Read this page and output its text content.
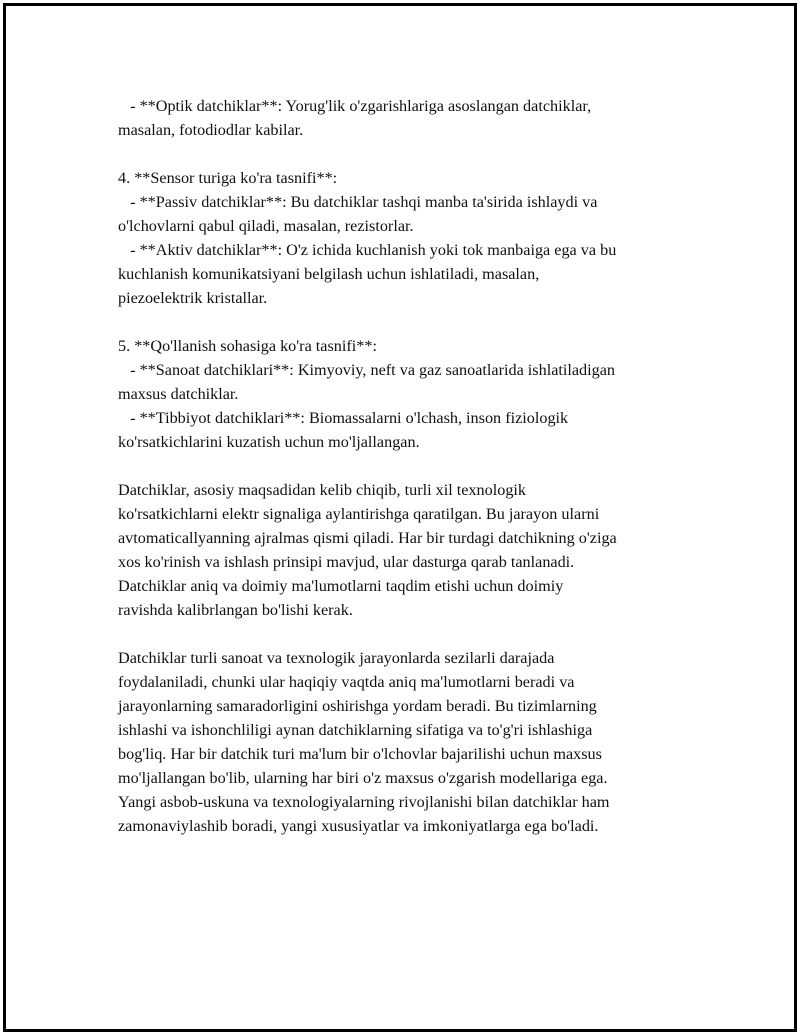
- **Optik datchiklar**: Yorug'lik o'zgarishlariga asoslangan datchiklar,
masalan, fotodiodlar kabilar.
4. **Sensor turiga ko'ra tasnifi**:
- **Passiv datchiklar**: Bu datchiklar tashqi manba ta'sirida ishlaydi va
o'lchovlarni qabul qiladi, masalan, rezistorlar.
- **Aktiv datchiklar**: O'z ichida kuchlanish yoki tok manbaiga ega va bu
kuchlanish komunikatsiyani belgilash uchun ishlatiladi, masalan,
piezoelektrik kristallar.
5. **Qo'llanish sohasiga ko'ra tasnifi**:
- **Sanoat datchiklari**: Kimyoviy, neft va gaz sanoatlarida ishlatiladigan
maxsus datchiklar.
- **Tibbiyot datchiklari**: Biomassalarni o'lchash, inson fiziologik
ko'rsatkichlarini kuzatish uchun mo'ljallangan.
Datchiklar, asosiy maqsadidan kelib chiqib, turli xil texnologik
ko'rsatkichlarni elektr signaliga aylantirishga qaratilgan. Bu jarayon ularni
avtomaticallyanning ajralmas qismi qiladi. Har bir turdagi datchikning o'ziga
xos ko'rinish va ishlash prinsipi mavjud, ular dasturga qarab tanlanadi.
Datchiklar aniq va doimiy ma'lumotlarni taqdim etishi uchun doimiy
ravishda kalibrlangan bo'lishi kerak.
Datchiklar turli sanoat va texnologik jarayonlarda sezilarli darajada
foydalaniladi, chunki ular haqiqiy vaqtda aniq ma'lumotlarni beradi va
jarayonlarning samaradorligini oshirishga yordam beradi. Bu tizimlarning
ishlashi va ishonchliligi aynan datchiklarning sifatiga va to'g'ri ishlashiga
bog'liq. Har bir datchik turi ma'lum bir o'lchovlar bajarilishi uchun maxsus
mo'ljallangan bo'lib, ularning har biri o'z maxsus o'zgarish modellariga ega.
Yangi asbob-uskuna va texnologiyalarning rivojlanishi bilan datchiklar ham
zamonaviylashib boradi, yangi xususiyatlar va imkoniyatlarga ega bo'ladi.
